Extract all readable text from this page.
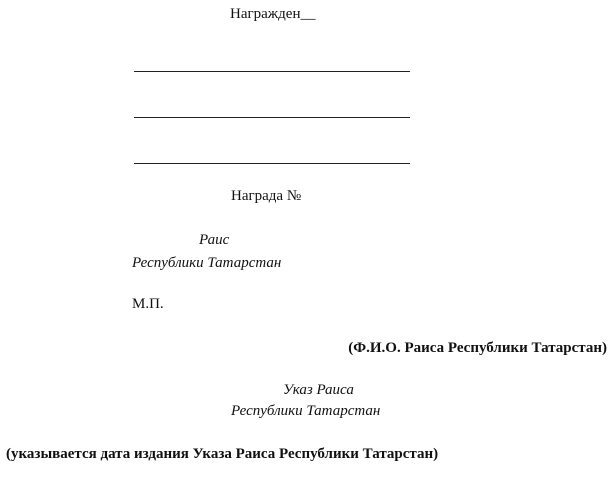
Награжден__
Награда №
Раис
Республики Татарстан
М.П.
(Ф.И.О. Раиса Республики Татарстан)
Указ Раиса
Республики Татарстан
(указывается дата издания Указа Раиса Республики Татарстан)
